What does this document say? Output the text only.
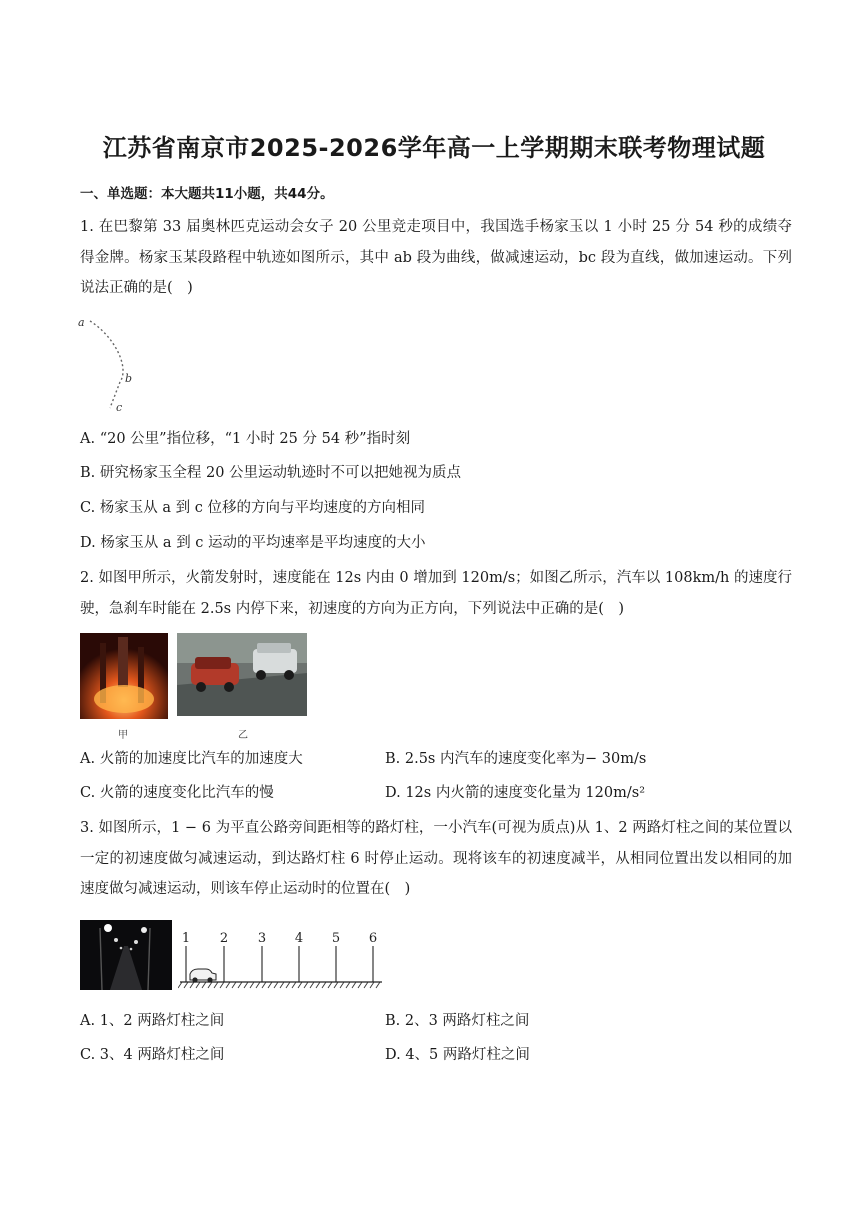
江苏省南京市2025-2026学年高一上学期期末联考物理试题
一、单选题：本大题共11小题，共44分。
1. 在巴黎第 33 届奥林匹克运动会女子 20 公里竞走项目中，我国选手杨家玉以 1 小时 25 分 54 秒的成绩夺得金牌。杨家玉某段路程中轨迹如图所示，其中 ab 段为曲线，做减速运动，bc 段为直线，做加速运动。下列说法正确的是(　)
a
b
c
A. “20 公里”指位移，“1 小时 25 分 54 秒”指时刻
B. 研究杨家玉全程 20 公里运动轨迹时不可以把她视为质点
C. 杨家玉从 a 到 c 位移的方向与平均速度的方向相同
D. 杨家玉从 a 到 c 运动的平均速率是平均速度的大小
2. 如图甲所示，火箭发射时，速度能在 12s 内由 0 增加到 120m/s；如图乙所示，汽车以 108km/h 的速度行驶，急刹车时能在 2.5s 内停下来，初速度的方向为正方向，下列说法中正确的是(　)
甲	乙
A. 火箭的加速度比汽车的加速度大	B. 2.5s 内汽车的速度变化率为− 30m/s
C. 火箭的速度变化比汽车的慢	D. 12s 内火箭的速度变化量为 120m/s²
3. 如图所示，1 − 6 为平直公路旁间距相等的路灯柱，一小汽车(可视为质点)从 1、2 两路灯柱之间的某位置以一定的初速度做匀减速运动，到达路灯柱 6 时停止运动。现将该车的初速度减半，从相同位置出发以相同的加速度做匀减速运动，则该车停止运动时的位置在(　)
1 2 3 4 5 6
A. 1、2 两路灯柱之间	B. 2、3 两路灯柱之间
C. 3、4 两路灯柱之间	D. 4、5 两路灯柱之间
